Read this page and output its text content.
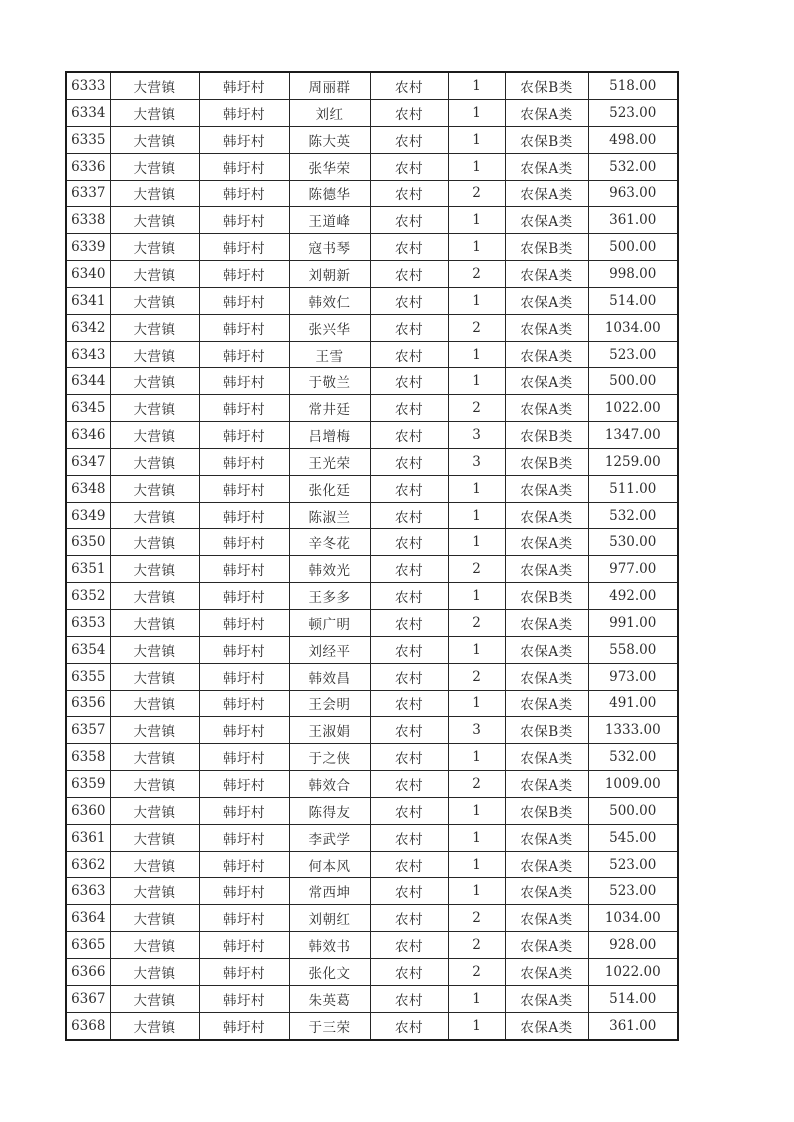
6333	大营镇	韩圩村	周丽群	农村	1	农保B类	518.00
6334	大营镇	韩圩村	刘红	农村	1	农保A类	523.00
6335	大营镇	韩圩村	陈大英	农村	1	农保B类	498.00
6336	大营镇	韩圩村	张华荣	农村	1	农保A类	532.00
6337	大营镇	韩圩村	陈德华	农村	2	农保A类	963.00
6338	大营镇	韩圩村	王道峰	农村	1	农保A类	361.00
6339	大营镇	韩圩村	寇书琴	农村	1	农保B类	500.00
6340	大营镇	韩圩村	刘朝新	农村	2	农保A类	998.00
6341	大营镇	韩圩村	韩效仁	农村	1	农保A类	514.00
6342	大营镇	韩圩村	张兴华	农村	2	农保A类	1034.00
6343	大营镇	韩圩村	王雪	农村	1	农保A类	523.00
6344	大营镇	韩圩村	于敬兰	农村	1	农保A类	500.00
6345	大营镇	韩圩村	常井廷	农村	2	农保A类	1022.00
6346	大营镇	韩圩村	吕增梅	农村	3	农保B类	1347.00
6347	大营镇	韩圩村	王光荣	农村	3	农保B类	1259.00
6348	大营镇	韩圩村	张化廷	农村	1	农保A类	511.00
6349	大营镇	韩圩村	陈淑兰	农村	1	农保A类	532.00
6350	大营镇	韩圩村	辛冬花	农村	1	农保A类	530.00
6351	大营镇	韩圩村	韩效光	农村	2	农保A类	977.00
6352	大营镇	韩圩村	王多多	农村	1	农保B类	492.00
6353	大营镇	韩圩村	顿广明	农村	2	农保A类	991.00
6354	大营镇	韩圩村	刘经平	农村	1	农保A类	558.00
6355	大营镇	韩圩村	韩效昌	农村	2	农保A类	973.00
6356	大营镇	韩圩村	王会明	农村	1	农保A类	491.00
6357	大营镇	韩圩村	王淑娟	农村	3	农保B类	1333.00
6358	大营镇	韩圩村	于之侠	农村	1	农保A类	532.00
6359	大营镇	韩圩村	韩效合	农村	2	农保A类	1009.00
6360	大营镇	韩圩村	陈得友	农村	1	农保B类	500.00
6361	大营镇	韩圩村	李武学	农村	1	农保A类	545.00
6362	大营镇	韩圩村	何本风	农村	1	农保A类	523.00
6363	大营镇	韩圩村	常西坤	农村	1	农保A类	523.00
6364	大营镇	韩圩村	刘朝红	农村	2	农保A类	1034.00
6365	大营镇	韩圩村	韩效书	农村	2	农保A类	928.00
6366	大营镇	韩圩村	张化文	农村	2	农保A类	1022.00
6367	大营镇	韩圩村	朱英葛	农村	1	农保A类	514.00
6368	大营镇	韩圩村	于三荣	农村	1	农保A类	361.00
